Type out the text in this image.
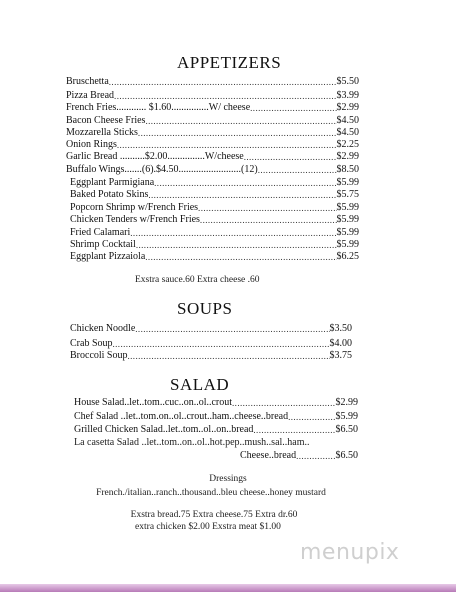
APPETIZERS
Bruschetta .....	$5.50
Pizza Bread .....	$3.99
French Fries............ $1.60...............W/ cheese .....	$2.99
Bacon Cheese Fries .....	$4.50
Mozzarella Sticks .....	$4.50
Onion Rings .....	$2.25
Garlic Bread ..........$2.00...............W/cheese .....	$2.99
Buffalo Wings.......(6).$4.50.........................(12) .....	$8.50
Eggplant Parmigiana .....	$5.99
Baked Potato Skins .....	$5.75
Popcorn Shrimp w/French Fries .....	$5.99
Chicken Tenders w/French Fries .....	$5.99
Fried Calamari .....	$5.99
Shrimp Cocktail .....	$5.99
Eggplant Pizzaiola .....	$6.25
Exstra sauce.60 Extra cheese .60
SOUPS
Chicken Noodle .....	$3.50
Crab Soup .....	$4.00
Broccoli Soup .....	$3.75
SALAD
House Salad..let..tom..cuc..on..ol..crout .....	$2.99
Chef Salad ..let..tom.on..ol..crout..ham..cheese..bread .....	$5.99
Grilled Chicken Salad..let..tom..ol..on..bread .....	$6.50
La casetta Salad ..let..tom..on..ol..hot.pep..mush..sal..ham..
Cheese..bread .....	$6.50
Dressings
French./italian..ranch..thousand..bleu cheese..honey mustard
Exstra bread.75 Extra cheese.75 Extra dr.60
extra chicken $2.00 Exstra meat $1.00
menupix
